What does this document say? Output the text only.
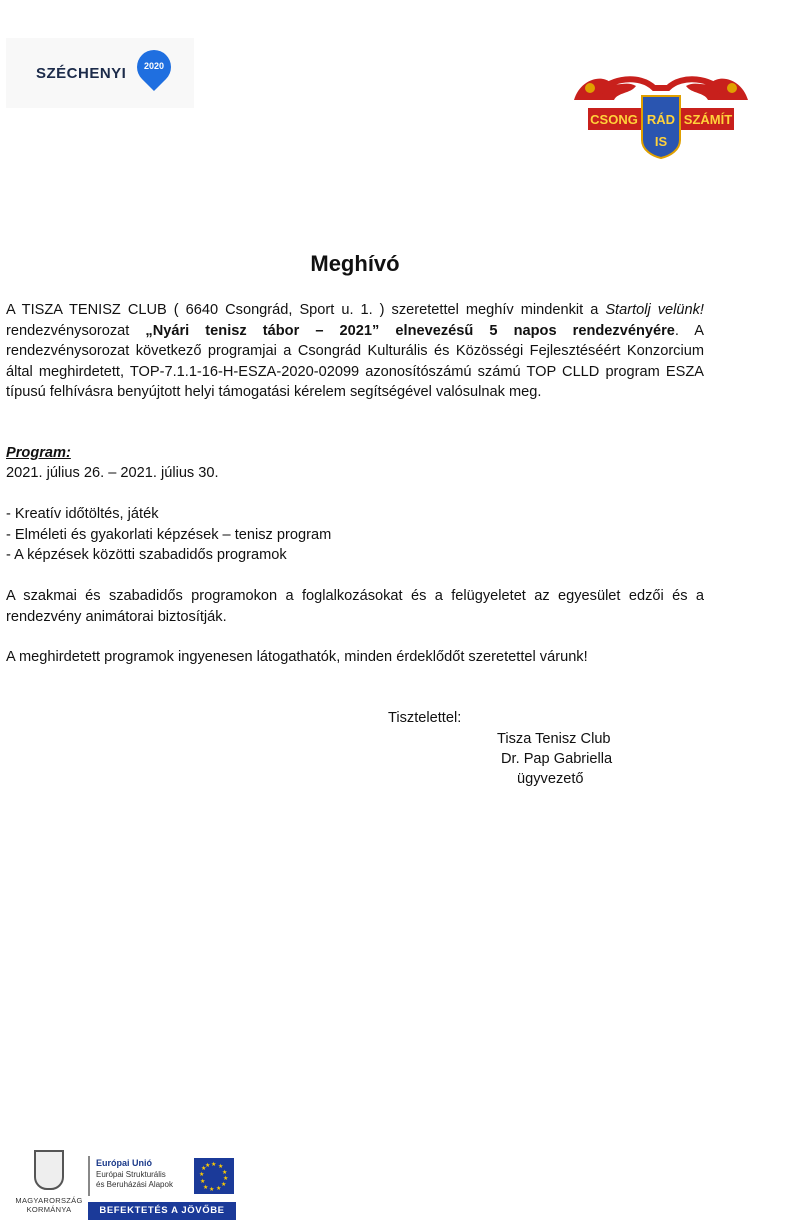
SZÉCHENYI	2020
CSONG	SZÁMÍT
RÁD
IS
Meghívó
A TISZA TENISZ CLUB ( 6640 Csongrád, Sport u. 1. ) szeretettel meghív mindenkit a Startolj velünk! rendezvénysorozat „Nyári tenisz tábor – 2021” elnevezésű 5 napos rendezvényére. A rendezvénysorozat következő programjai a Csongrád Kulturális és Közösségi Fejlesztéséért Konzorcium által meghirdetett, TOP-7.1.1-16-H-ESZA-2020-02099 azonosítószámú számú TOP CLLD program ESZA típusú felhívásra benyújtott helyi támogatási kérelem segítségével valósulnak meg.
Program:
2021. július 26. – 2021. július 30.
- Kreatív időtöltés, játék
- Elméleti és gyakorlati képzések – tenisz program
- A képzések közötti szabadidős programok
A szakmai és szabadidős programokon a foglalkozásokat és a felügyeletet az egyesület edzői és a rendezvény animátorai biztosítják.
A meghirdetett programok ingyenesen látogathatók, minden érdeklődőt szeretettel várunk!
Tisztelettel:
Tisza Tenisz Club
Dr. Pap Gabriella
ügyvezető
MAGYARORSZÁG
KORMÁNYA
Európai Unió
Európai Strukturális
és Beruházási Alapok
★ ★
★
★
★
★
★
★
★
★
★
★
BEFEKTETÉS A JÖVŐBE
